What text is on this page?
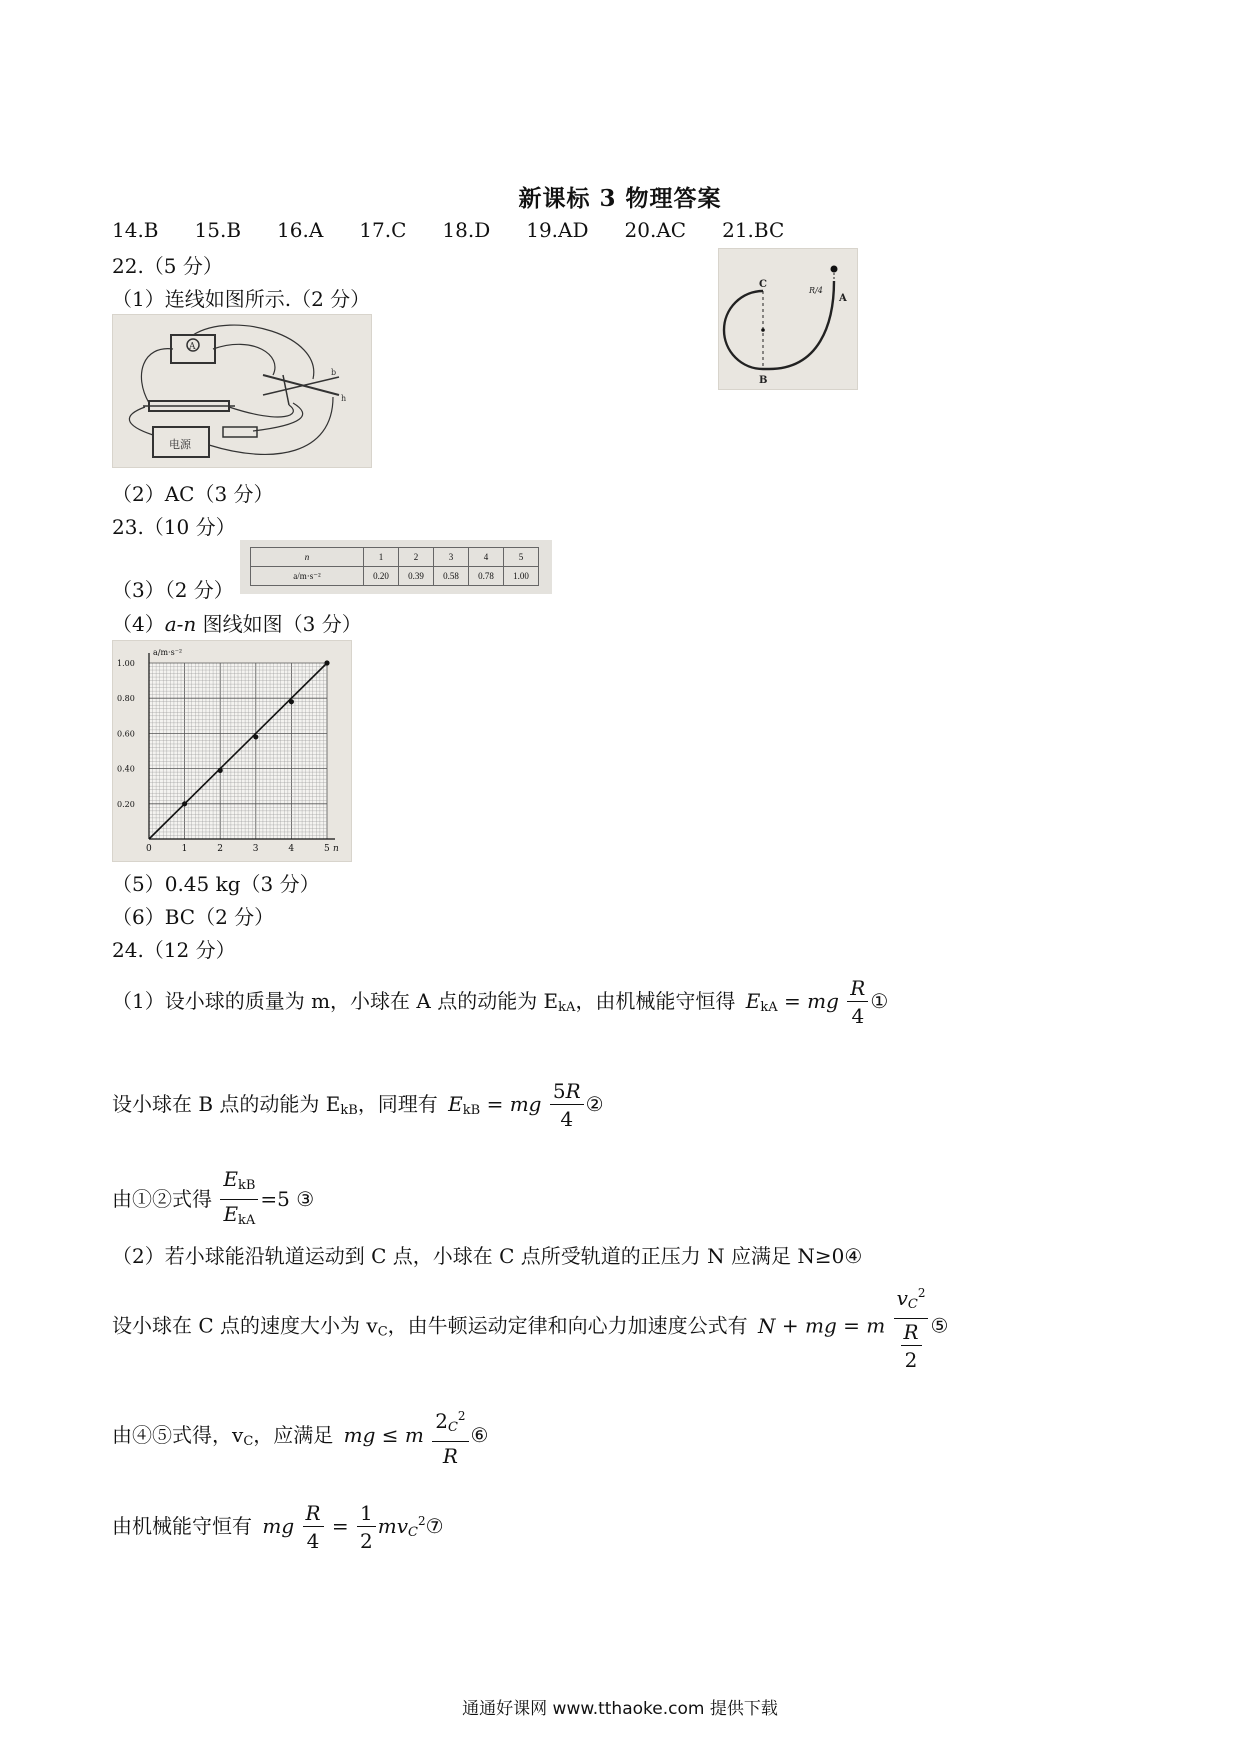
新课标 3 物理答案
14.B 15.B 16.A 17.C 18.D 19.AD 20.AC 21.BC
22.（5 分）
（1）连线如图所示.（2 分）
A
电源
b
h
C
R/4
A
B
（2）AC（3 分）
23.（10 分）
（3）（2 分）
n	1	2	3	4	5
a/m·s⁻²	0.20	0.39	0.58	0.78	1.00
（4）a-n 图线如图（3 分）
0	1	2	3	4	5
0.20
0.40
0.60
0.80
1.00
n
a/m·s⁻²
（5）0.45 kg（3 分）
（6）BC（2 分）
24.（12 分）
（1）设小球的质量为 m，小球在 A 点的动能为 $E_{kA}$，由机械能守恒得 $E_{kA}$ = mg $\frac{R}{4}$ ①
设小球在 B 点的动能为 $E_{kB}$，同理有 $E_{kB}$ = mg $\frac{5R}{4}$ ②
由①②式得 $\frac{E_{kB}}{E_{kA}} =5$ ③
（2）若小球能沿轨道运动到 C 点，小球在 C 点所受轨道的正压力 N 应满足 N≥0④
设小球在 C 点的速度大小为 $v_C$，由牛顿运动定律和向心力加速度公式有 N + mg = m $\frac{v_C^2}{\frac{R}{2}}$ ⑤
由④⑤式得，$v_C$，应满足 mg ≤ m $\frac{2_C^2}{R}$ ⑥
由机械能守恒有 mg $\frac{R}{4} = \frac{1}{2}$ $mv_C^2⑦$
通通好课网 www.tthaoke.com 提供下载
